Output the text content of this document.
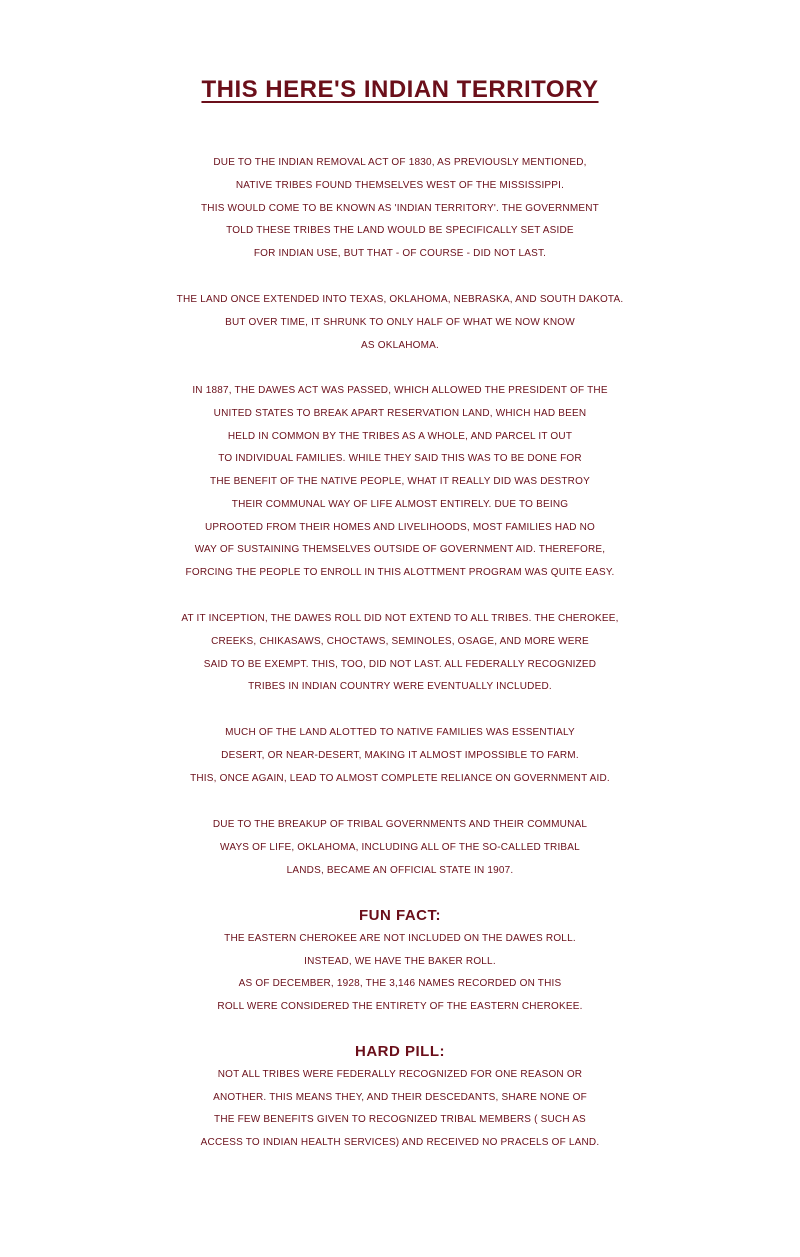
THIS HERE'S INDIAN TERRITORY
DUE TO THE INDIAN REMOVAL ACT OF 1830, AS PREVIOUSLY MENTIONED,
NATIVE TRIBES FOUND THEMSELVES WEST OF THE MISSISSIPPI.
THIS WOULD COME TO BE KNOWN AS 'INDIAN TERRITORY'. THE GOVERNMENT
TOLD THESE TRIBES THE LAND WOULD BE SPECIFICALLY SET ASIDE
FOR INDIAN USE, BUT THAT - OF COURSE - DID NOT LAST.
THE LAND ONCE EXTENDED INTO TEXAS, OKLAHOMA, NEBRASKA, AND SOUTH DAKOTA.
BUT OVER TIME, IT SHRUNK TO ONLY HALF OF WHAT WE NOW KNOW
AS OKLAHOMA.
IN 1887, THE DAWES ACT WAS PASSED, WHICH ALLOWED THE PRESIDENT OF THE
UNITED STATES TO BREAK APART RESERVATION LAND, WHICH HAD BEEN
HELD IN COMMON BY THE TRIBES AS A WHOLE, AND PARCEL IT OUT
TO INDIVIDUAL FAMILIES. WHILE THEY SAID THIS WAS TO BE DONE FOR
THE BENEFIT OF THE NATIVE PEOPLE, WHAT IT REALLY DID WAS DESTROY
THEIR COMMUNAL WAY OF LIFE ALMOST ENTIRELY. DUE TO BEING
UPROOTED FROM THEIR HOMES AND LIVELIHOODS, MOST FAMILIES HAD NO
WAY OF SUSTAINING THEMSELVES OUTSIDE OF GOVERNMENT AID. THEREFORE,
FORCING THE PEOPLE TO ENROLL IN THIS ALOTTMENT PROGRAM WAS QUITE EASY.
AT IT INCEPTION, THE DAWES ROLL DID NOT EXTEND TO ALL TRIBES. THE CHEROKEE,
CREEKS, CHIKASAWS, CHOCTAWS, SEMINOLES, OSAGE, AND MORE WERE
SAID TO BE EXEMPT. THIS, TOO, DID NOT LAST. ALL FEDERALLY RECOGNIZED
TRIBES IN INDIAN COUNTRY WERE EVENTUALLY INCLUDED.
MUCH OF THE LAND ALOTTED TO NATIVE FAMILIES WAS ESSENTIALY
DESERT, OR NEAR-DESERT, MAKING IT ALMOST IMPOSSIBLE TO FARM.
THIS, ONCE AGAIN, LEAD TO ALMOST COMPLETE RELIANCE ON GOVERNMENT AID.
DUE TO THE BREAKUP OF TRIBAL GOVERNMENTS AND THEIR COMMUNAL
WAYS OF LIFE, OKLAHOMA, INCLUDING ALL OF THE SO-CALLED TRIBAL
LANDS, BECAME AN OFFICIAL STATE IN 1907.
FUN FACT:
THE EASTERN CHEROKEE ARE NOT INCLUDED ON THE DAWES ROLL.
INSTEAD, WE HAVE THE BAKER ROLL.
AS OF DECEMBER, 1928, THE 3,146 NAMES RECORDED ON THIS
ROLL WERE CONSIDERED THE ENTIRETY OF THE EASTERN CHEROKEE.
HARD PILL:
NOT ALL TRIBES WERE FEDERALLY RECOGNIZED FOR ONE REASON OR
ANOTHER. THIS MEANS THEY, AND THEIR DESCEDANTS, SHARE NONE OF
THE FEW BENEFITS GIVEN TO RECOGNIZED TRIBAL MEMBERS ( SUCH AS
ACCESS TO INDIAN HEALTH SERVICES) AND RECEIVED NO PRACELS OF LAND.
